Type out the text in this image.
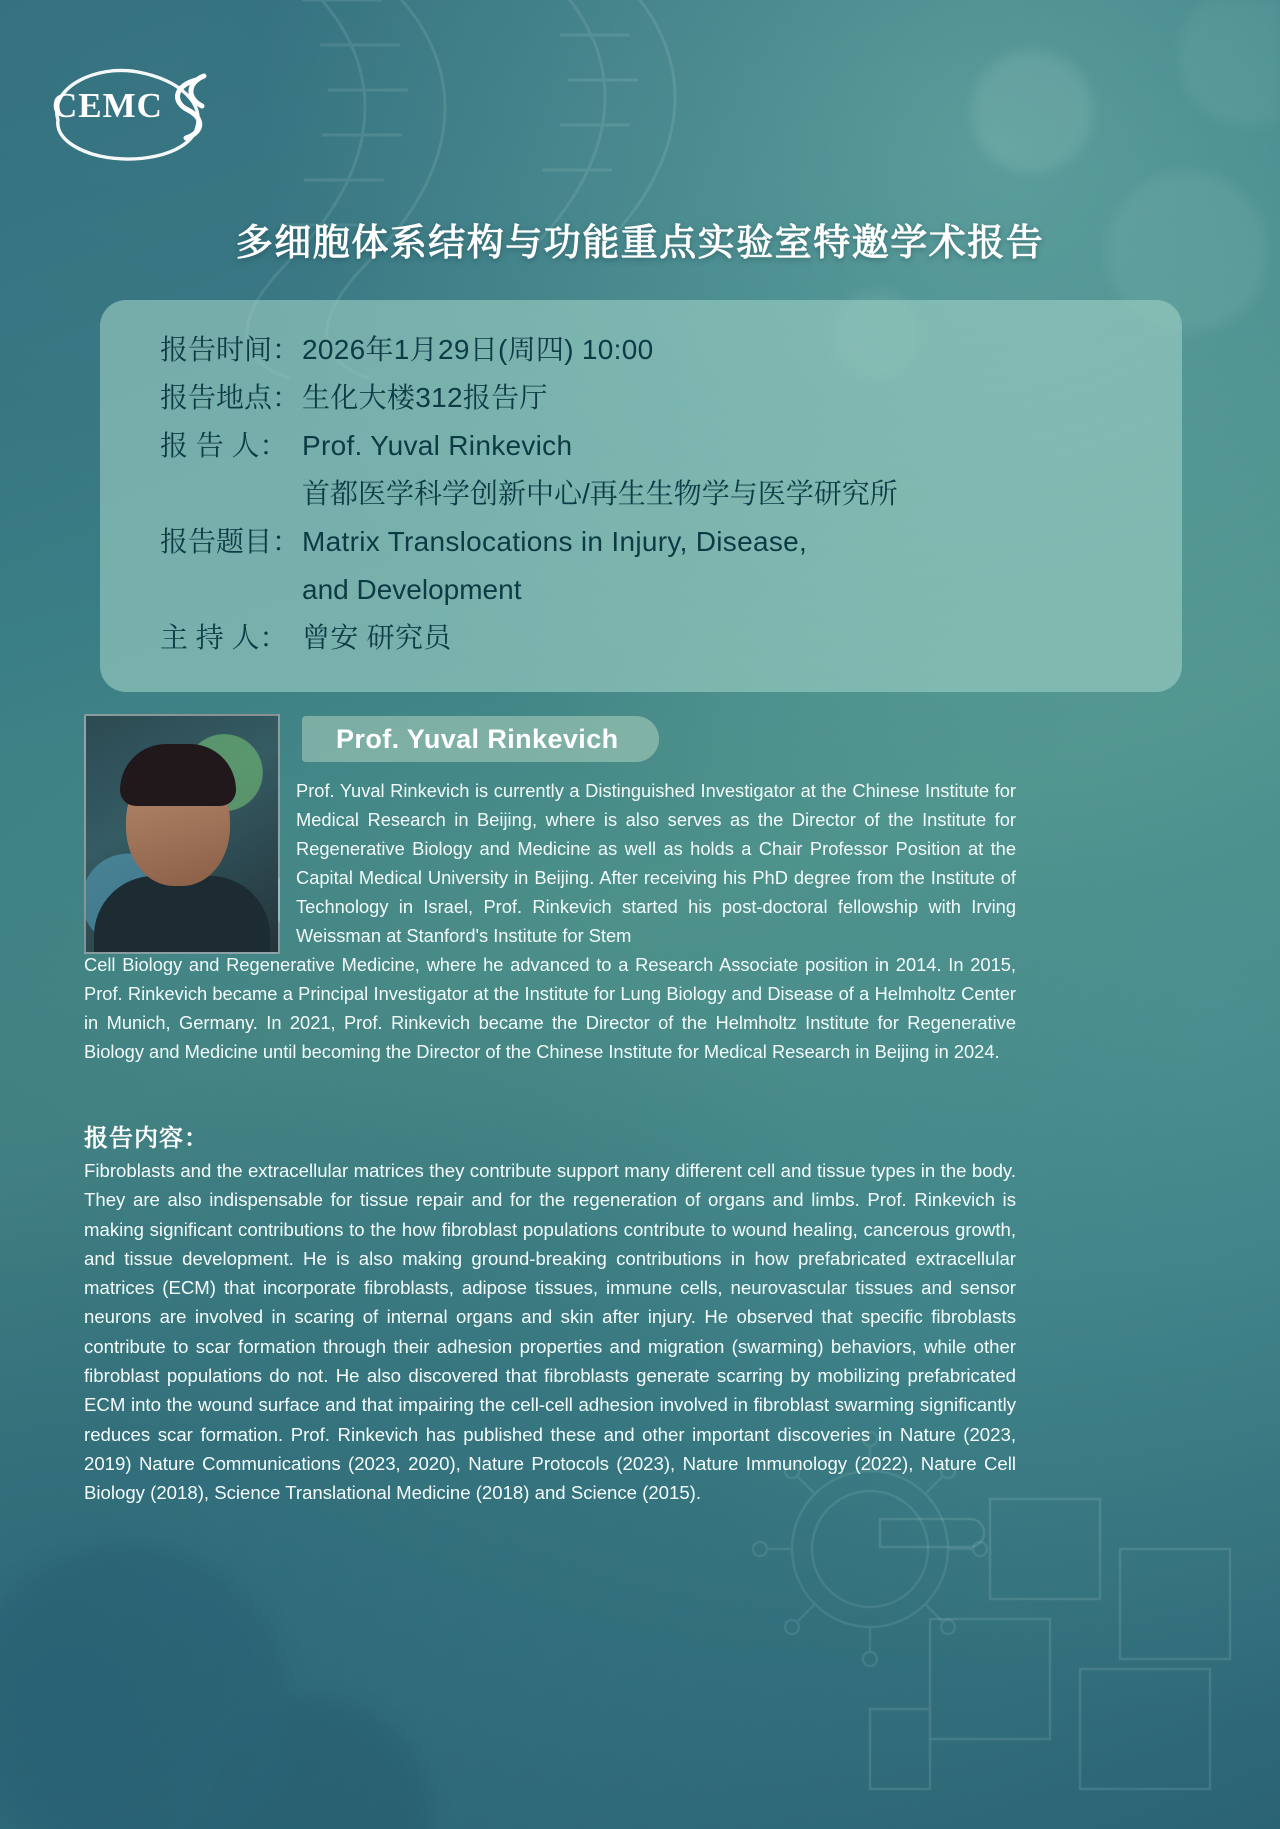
CEMC
多细胞体系结构与功能重点实验室特邀学术报告
报告时间： 2026年1月29日(周四) 10:00
报告地点： 生化大楼312报告厅
报 告 人： Prof. Yuval Rinkevich
首都医学科学创新中心/再生生物学与医学研究所
报告题目： Matrix Translocations in Injury, Disease,
and Development
主 持 人： 曾安 研究员
Prof. Yuval Rinkevich
Prof. Yuval Rinkevich is currently a Distinguished Investigator at the Chinese Institute for Medical Research in Beijing, where is also serves as the Director of the Institute for Regenerative Biology and Medicine as well as holds a Chair Professor Position at the Capital Medical University in Beijing. After receiving his PhD degree from the Institute of Technology in Israel, Prof. Rinkevich started his post-doctoral fellowship with Irving Weissman at Stanford's Institute for Stem
Cell Biology and Regenerative Medicine, where he advanced to a Research Associate position in 2014. In 2015, Prof. Rinkevich became a Principal Investigator at the Institute for Lung Biology and Disease of a Helmholtz Center in Munich, Germany. In 2021, Prof. Rinkevich became the Director of the Helmholtz Institute for Regenerative Biology and Medicine until becoming the Director of the Chinese Institute for Medical Research in Beijing in 2024.
报告内容：
Fibroblasts and the extracellular matrices they contribute support many different cell and tissue types in the body. They are also indispensable for tissue repair and for the regeneration of organs and limbs. Prof. Rinkevich is making significant contributions to the how fibroblast populations contribute to wound healing, cancerous growth, and tissue development. He is also making ground-breaking contributions in how prefabricated extracellular matrices (ECM) that incorporate fibroblasts, adipose tissues, immune cells, neurovascular tissues and sensor neurons are involved in scaring of internal organs and skin after injury. He observed that specific fibroblasts contribute to scar formation through their adhesion properties and migration (swarming) behaviors, while other fibroblast populations do not. He also discovered that fibroblasts generate scarring by mobilizing prefabricated ECM into the wound surface and that impairing the cell-cell adhesion involved in fibroblast swarming significantly reduces scar formation. Prof. Rinkevich has published these and other important discoveries in Nature (2023, 2019) Nature Communications (2023, 2020), Nature Protocols (2023), Nature Immunology (2022), Nature Cell Biology (2018), Science Translational Medicine (2018) and Science (2015).
